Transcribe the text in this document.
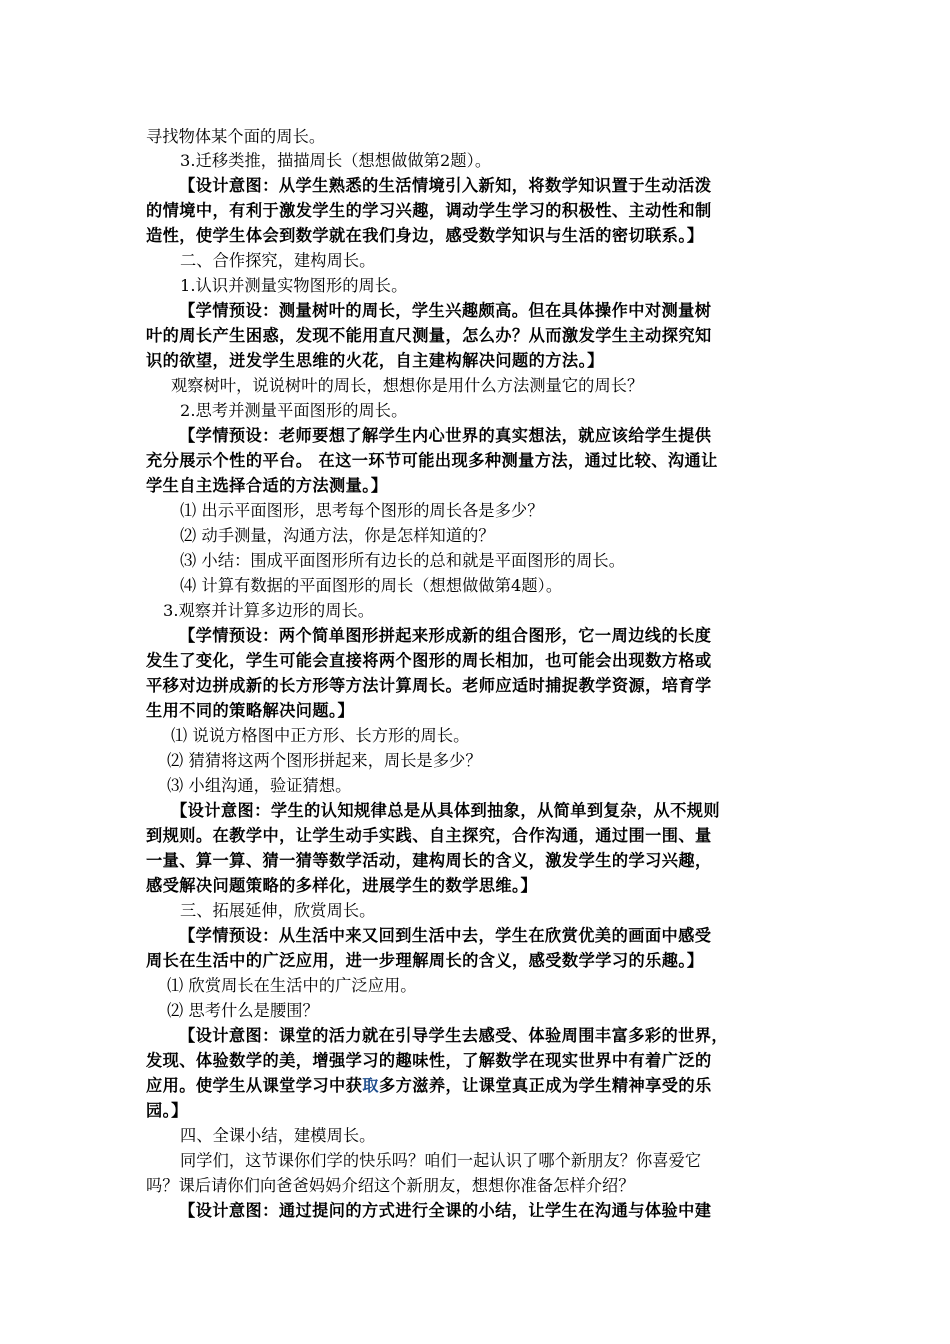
寻找物体某个面的周长。
3.迁移类推，描描周长（想想做做第2题）。
【设计意图：从学生熟悉的生活情境引入新知，将数学知识置于生动活泼
的情境中，有利于激发学生的学习兴趣，调动学生学习的积极性、主动性和制
造性，使学生体会到数学就在我们身边，感受数学知识与生活的密切联系。】
二、合作探究，建构周长。
1.认识并测量实物图形的周长。
【学情预设：测量树叶的周长，学生兴趣颇高。但在具体操作中对测量树
叶的周长产生困惑，发现不能用直尺测量，怎么办？从而激发学生主动探究知
识的欲望，迸发学生思维的火花，自主建构解决问题的方法。】
观察树叶，说说树叶的周长，想想你是用什么方法测量它的周长？
2.思考并测量平面图形的周长。
【学情预设：老师要想了解学生内心世界的真实想法，就应该给学生提供
充分展示个性的平台。 在这一环节可能出现多种测量方法，通过比较、沟通让
学生自主选择合适的方法测量。】
⑴ 出示平面图形，思考每个图形的周长各是多少？
⑵ 动手测量，沟通方法，你是怎样知道的？
⑶ 小结：围成平面图形所有边长的总和就是平面图形的周长。
⑷ 计算有数据的平面图形的周长（想想做做第4题）。
3.观察并计算多边形的周长。
【学情预设：两个简单图形拼起来形成新的组合图形，它一周边线的长度
发生了变化，学生可能会直接将两个图形的周长相加，也可能会出现数方格或
平移对边拼成新的长方形等方法计算周长。老师应适时捕捉教学资源，培育学
生用不同的策略解决问题。】
⑴ 说说方格图中正方形、长方形的周长。
⑵ 猜猜将这两个图形拼起来，周长是多少？
⑶ 小组沟通，验证猜想。
【设计意图：学生的认知规律总是从具体到抽象，从简单到复杂，从不规则
到规则。在教学中，让学生动手实践、自主探究，合作沟通，通过围一围、量
一量、算一算、猜一猜等数学活动，建构周长的含义，激发学生的学习兴趣，
感受解决问题策略的多样化，进展学生的数学思维。】
三、拓展延伸，欣赏周长。
【学情预设：从生活中来又回到生活中去，学生在欣赏优美的画面中感受
周长在生活中的广泛应用，进一步理解周长的含义，感受数学学习的乐趣。】
⑴ 欣赏周长在生活中的广泛应用。
⑵ 思考什么是腰围？
【设计意图：课堂的活力就在引导学生去感受、体验周围丰富多彩的世界，
发现、体验数学的美，增强学习的趣味性，了解数学在现实世界中有着广泛的
应用。使学生从课堂学习中获取多方滋养，让课堂真正成为学生精神享受的乐
园。】
四、全课小结，建模周长。
同学们，这节课你们学的快乐吗？咱们一起认识了哪个新朋友？你喜爱它
吗？课后请你们向爸爸妈妈介绍这个新朋友，想想你准备怎样介绍？
【设计意图：通过提问的方式进行全课的小结，让学生在沟通与体验中建
